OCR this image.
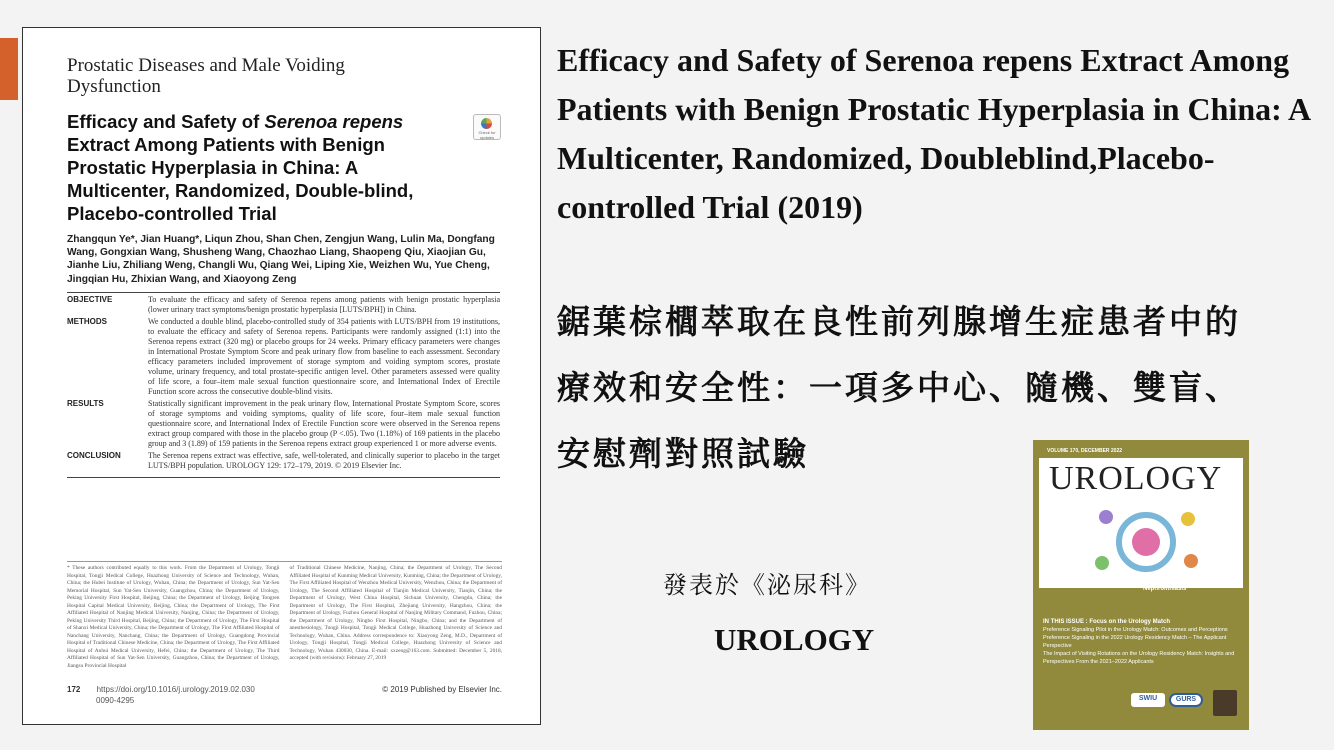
Prostatic Diseases and Male Voiding Dysfunction
Efficacy and Safety of Serenoa repens Extract Among Patients with Benign Prostatic Hyperplasia in China: A Multicenter, Randomized, Double-blind, Placebo-controlled Trial
Check for updates
Zhangqun Ye*, Jian Huang*, Liqun Zhou, Shan Chen, Zengjun Wang, Lulin Ma, Dongfang Wang, Gongxian Wang, Shusheng Wang, Chaozhao Liang, Shaopeng Qiu, Xiaojian Gu, Jianhe Liu, Zhiliang Weng, Changli Wu, Qiang Wei, Liping Xie, Weizhen Wu, Yue Cheng, Jingqian Hu, Zhixian Wang, and Xiaoyong Zeng
OBJECTIVE	To evaluate the efficacy and safety of Serenoa repens among patients with benign prostatic hyperplasia (lower urinary tract symptoms/benign prostatic hyperplasia [LUTS/BPH]) in China.
METHODS	We conducted a double blind, placebo-controlled study of 354 patients with LUTS/BPH from 19 institutions, to evaluate the efficacy and safety of Serenoa repens. Participants were randomly assigned (1:1) into the Serenoa repens extract (320 mg) or placebo groups for 24 weeks. Primary efficacy parameters were changes in International Prostate Symptom Score and peak urinary flow from baseline to each assessment. Secondary efficacy parameters included improvement of storage symptom and voiding symptom scores, prostate volume, urinary frequency, and total prostate-specific antigen level. Other parameters assessed were quality of life score, a four–item male sexual function questionnaire score, and International Index of Erectile Function score across the consecutive double-blind visits.
RESULTS	Statistically significant improvement in the peak urinary flow, International Prostate Symptom Score, scores of storage symptoms and voiding symptoms, quality of life score, four–item male sexual function questionnaire score, and International Index of Erectile Function score were observed in the Serenoa repens extract group compared with those in the placebo group (P <.05). Two (1.18%) of 169 patients in the placebo group and 3 (1.89) of 159 patients in the Serenoa repens extract group experienced 1 or more adverse events.
CONCLUSION	The Serenoa repens extract was effective, safe, well-tolerated, and clinically superior to placebo in the target LUTS/BPH population. UROLOGY 129: 172–179, 2019. © 2019 Elsevier Inc.
* These authors contributed equally to this work. From the Department of Urology, Tongji Hospital, Tongji Medical College, Huazhong University of Science and Technology, Wuhan, China; the Hubei Institute of Urology, Wuhan, China; the Department of Urology, Sun Yat-Sen Memorial Hospital, Sun Yat-Sen University, Guangzhou, China; the Department of Urology, Peking University First Hospital, Beijing, China; the Department of Urology, Beijing Tongren Hospital Capital Medical University, Beijing, China; the Department of Urology, The First Affiliated Hospital of Nanjing Medical University, Nanjing, China; the Department of Urology, Peking University Third Hospital, Beijing, China; the Department of Urology, The First Hospital of Shanxi Medical University, China; the Department of Urology, The First Affiliated Hospital of Nanchang University, Nanchang, China; the Department of Urology, Guangdong Provincial Hospital of Traditional Chinese Medicine, China; the Department of Urology, The First Affiliated Hospital of Anhui Medical University, Hefei, China; the Department of Urology, The Third Affiliated Hospital of Sun Yat-Sen University, Guangzhou, China; the Department of Urology, Jiangsu Provincial Hospital
of Traditional Chinese Medicine, Nanjing, China; the Department of Urology, The Second Affiliated Hospital of Kunming Medical University, Kunming, China; the Department of Urology, The First Affiliated Hospital of Wenzhou Medical University, Wenzhou, China; the Department of Urology, The Second Affiliated Hospital of Tianjin Medical University, Tianjin, China; the Department of Urology, West China Hospital, Sichuan University, Chengdu, China; the Department of Urology, The First Hospital, Zhejiang University, Hangzhou, China; the Department of Urology, Fuzhou General Hospital of Nanjing Military Command, Fuzhou, China; the Department of Urology, Ningbo First Hospital, Ningbo, China; and the Department of anesthesiology, Tongji Hospital, Tongji Medical College, Huazhong University of Science and Technology, Wuhan, China. Address correspondence to: Xiaoyong Zeng, M.D., Department of Urology, Tongji Hospital, Tongji Medical College, Huazhong University of Science and Technology, Wuhan 430030, China. E-mail: xxzeng@163.com. Submitted: December 5, 2018, accepted (with revisions): February 27, 2019
172 https://doi.org/10.1016/j.urology.2019.02.030	© 2019 Published by Elsevier Inc.
0090-4295
Efficacy and Safety of Serenoa repens Extract Among Patients with Benign Prostatic Hyperplasia in China: A Multicenter, Randomized, Doubleblind,Placebo-controlled Trial (2019)
鋸葉棕櫚萃取在良性前列腺增生症患者中的
療效和安全性：一項多中心、隨機、雙盲、
安慰劑對照試驗
發表於《泌尿科》
UROLOGY
VOLUME 170, DECEMBER 2022
UROLOGY
Financial Toxicity of Nephrolithiasis
IN THIS ISSUE : Focus on the Urology Match
Preference Signaling Pilot in the Urology Match: Outcomes and Perceptions
Preference Signaling in the 2022 Urology Residency Match – The Applicant Perspective
The Impact of Visiting Rotations on the Urology Residency Match: Insights and Perspectives From the 2021–2022 Applicants
SWIU	GURS
